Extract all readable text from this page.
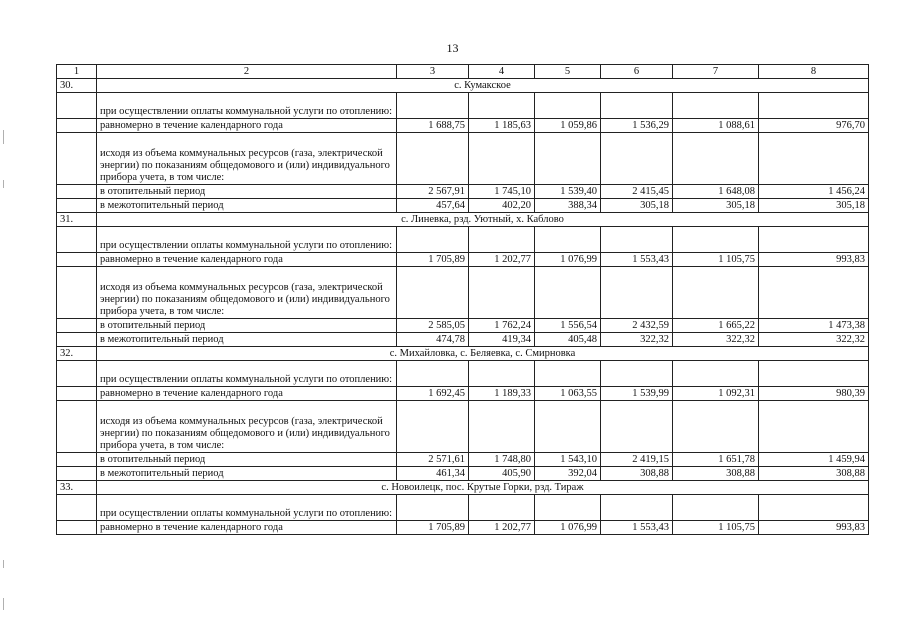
13
1	2	3	4	5	6	7	8
30.	с. Кумакское						
	при осуществлении оплаты коммунальной услуги по отоплению:						
	равномерно в течение календарного года	1 688,75	1 185,63	1 059,86	1 536,29	1 088,61	976,70
	исходя из объема коммунальных ресурсов (газа, электрической энергии) по показаниям общедомового и (или) индивидуального прибора учета, в том числе:						
	в отопительный период	2 567,91	1 745,10	1 539,40	2 415,45	1 648,08	1 456,24
	в межотопительный период	457,64	402,20	388,34	305,18	305,18	305,18
31.	с. Линевка, рзд. Уютный, х. Каблово						
	при осуществлении оплаты коммунальной услуги по отоплению:						
	равномерно в течение календарного года	1 705,89	1 202,77	1 076,99	1 553,43	1 105,75	993,83
	исходя из объема коммунальных ресурсов (газа, электрической энергии) по показаниям общедомового и (или) индивидуального прибора учета, в том числе:						
	в отопительный период	2 585,05	1 762,24	1 556,54	2 432,59	1 665,22	1 473,38
	в межотопительный период	474,78	419,34	405,48	322,32	322,32	322,32
32.	с. Михайловка, с. Беляевка, с. Смирновка						
	при осуществлении оплаты коммунальной услуги по отоплению:						
	равномерно в течение календарного года	1 692,45	1 189,33	1 063,55	1 539,99	1 092,31	980,39
	исходя из объема коммунальных ресурсов (газа, электрической энергии) по показаниям общедомового и (или) индивидуального прибора учета, в том числе:						
	в отопительный период	2 571,61	1 748,80	1 543,10	2 419,15	1 651,78	1 459,94
	в межотопительный период	461,34	405,90	392,04	308,88	308,88	308,88
33.	с. Новоилецк, пос. Крутые Горки, рзд. Тираж						
	при осуществлении оплаты коммунальной услуги по отоплению:						
	равномерно в течение календарного года	1 705,89	1 202,77	1 076,99	1 553,43	1 105,75	993,83
